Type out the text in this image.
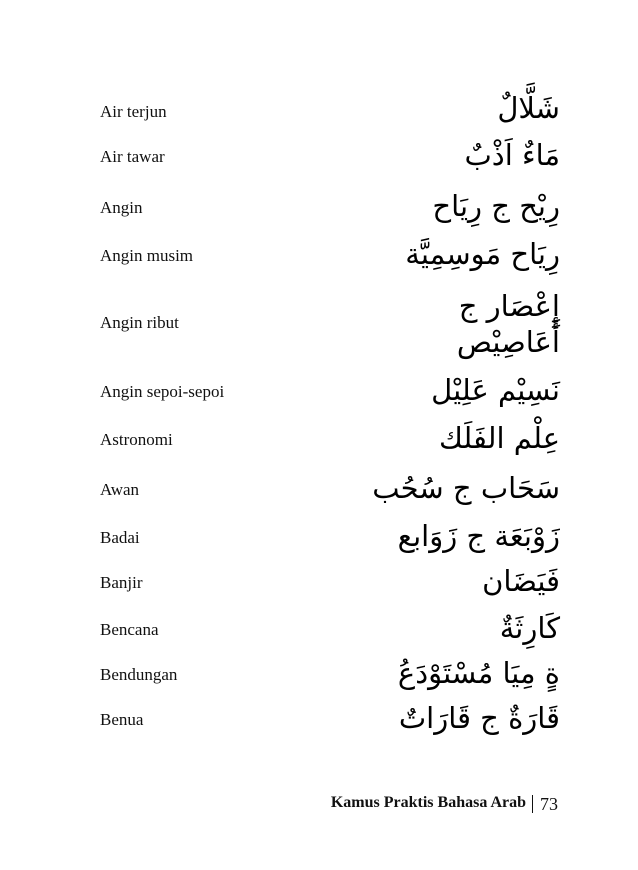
Air terjun	شَلَّالٌ
Air tawar	مَاءٌ اَذْبٌ
Angin	رِيْح ج رِيَاح
Angin musim	رِيَاح مَوسِمِيَّة
Angin ribut	إِعْصَار ج
أَعَاصِيْص
Angin sepoi-sepoi	نَسِيْم عَلِيْل
Astronomi	عِلْم الفَلَك
Awan	سَحَاب ج سُحُب
Badai	زَوْبَعَة ج زَوَابع
Banjir	فَيَضَان
Bencana	كَارِثَةٌ
Bendungan	ةٍ مِيَا مُسْتَوْدَعُ
Benua	قَارَةٌ ج قَارَاتٌ
Kamus Praktis Bahasa Arab 73
